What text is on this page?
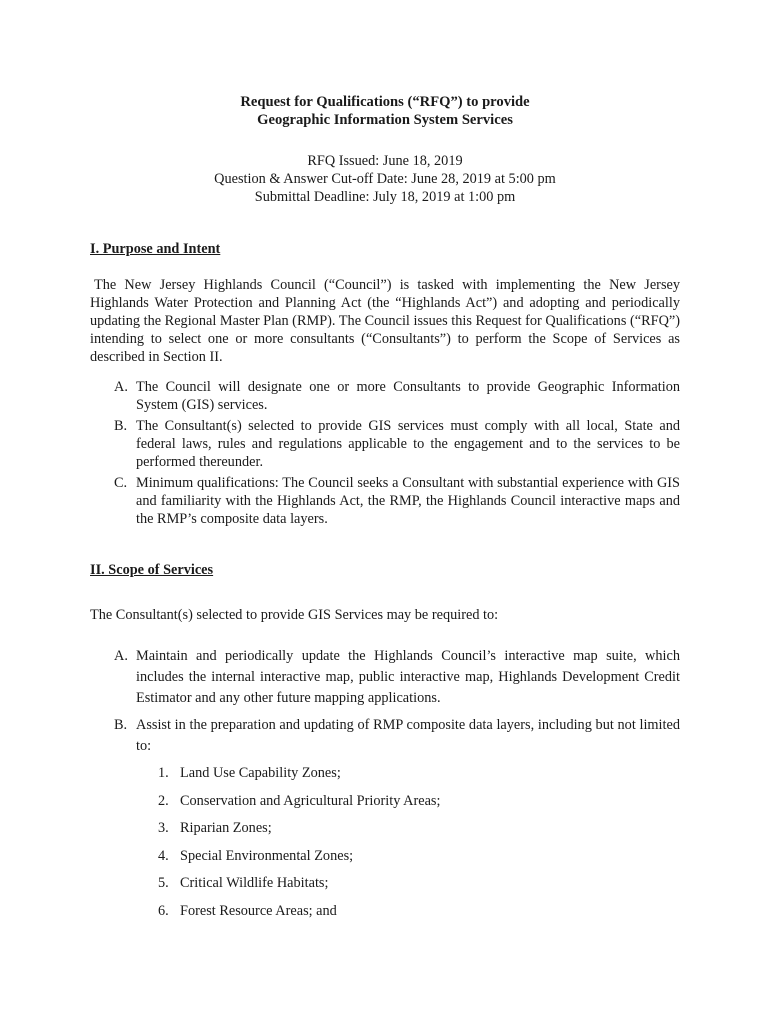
Request for Qualifications (“RFQ”) to provide
Geographic Information System Services
RFQ Issued: June 18, 2019
Question & Answer Cut-off Date: June 28, 2019 at 5:00 pm
Submittal Deadline: July 18, 2019 at 1:00 pm
I. Purpose and Intent
The New Jersey Highlands Council (“Council”) is tasked with implementing the New Jersey Highlands Water Protection and Planning Act (the “Highlands Act”) and adopting and periodically updating the Regional Master Plan (RMP). The Council issues this Request for Qualifications (“RFQ”) intending to select one or more consultants (“Consultants”) to perform the Scope of Services as described in Section II.
A. The Council will designate one or more Consultants to provide Geographic Information System (GIS) services.
B. The Consultant(s) selected to provide GIS services must comply with all local, State and federal laws, rules and regulations applicable to the engagement and to the services to be performed thereunder.
C. Minimum qualifications: The Council seeks a Consultant with substantial experience with GIS and familiarity with the Highlands Act, the RMP, the Highlands Council interactive maps and the RMP’s composite data layers.
II. Scope of Services
The Consultant(s) selected to provide GIS Services may be required to:
A. Maintain and periodically update the Highlands Council’s interactive map suite, which includes the internal interactive map, public interactive map, Highlands Development Credit Estimator and any other future mapping applications.
B. Assist in the preparation and updating of RMP composite data layers, including but not limited to:
1. Land Use Capability Zones;
2. Conservation and Agricultural Priority Areas;
3. Riparian Zones;
4. Special Environmental Zones;
5. Critical Wildlife Habitats;
6. Forest Resource Areas; and
